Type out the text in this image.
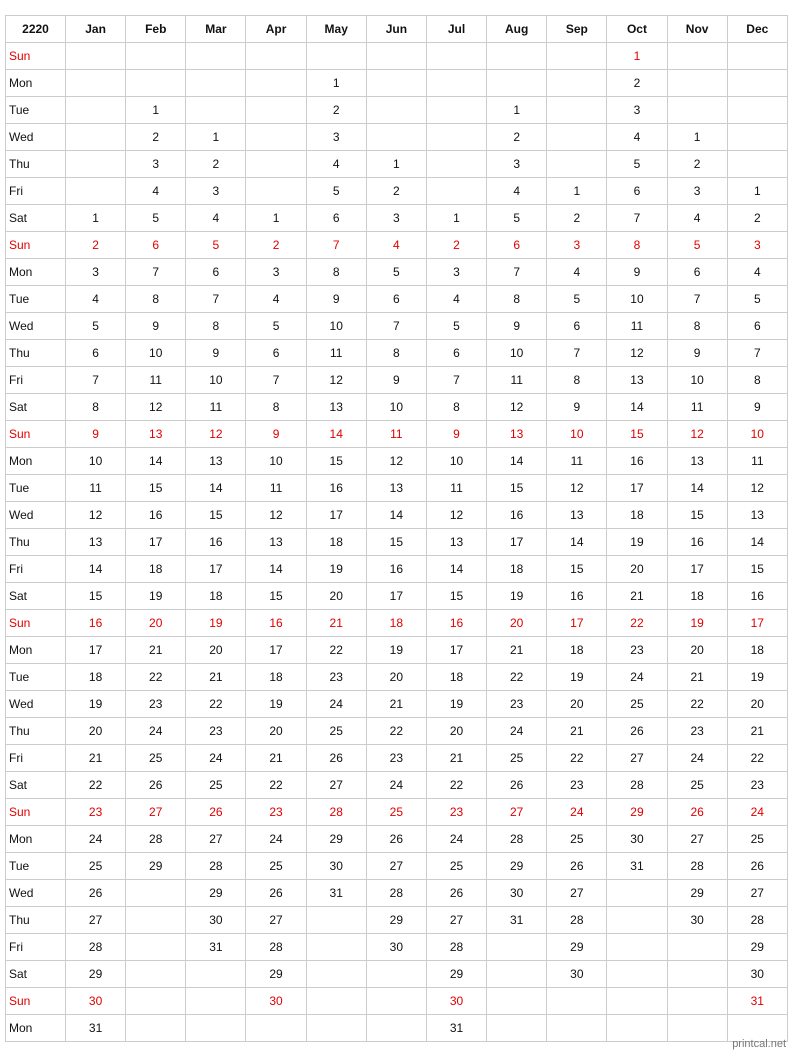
2220	Jan	Feb	Mar	Apr	May	Jun	Jul	Aug	Sep	Oct	Nov	Dec
Sun										1		
Mon					1					2		
Tue		1			2			1		3		
Wed		2	1		3			2		4	1	
Thu		3	2		4	1		3		5	2	
Fri		4	3		5	2		4	1	6	3	1
Sat	1	5	4	1	6	3	1	5	2	7	4	2
Sun	2	6	5	2	7	4	2	6	3	8	5	3
Mon	3	7	6	3	8	5	3	7	4	9	6	4
Tue	4	8	7	4	9	6	4	8	5	10	7	5
Wed	5	9	8	5	10	7	5	9	6	11	8	6
Thu	6	10	9	6	11	8	6	10	7	12	9	7
Fri	7	11	10	7	12	9	7	11	8	13	10	8
Sat	8	12	11	8	13	10	8	12	9	14	11	9
Sun	9	13	12	9	14	11	9	13	10	15	12	10
Mon	10	14	13	10	15	12	10	14	11	16	13	11
Tue	11	15	14	11	16	13	11	15	12	17	14	12
Wed	12	16	15	12	17	14	12	16	13	18	15	13
Thu	13	17	16	13	18	15	13	17	14	19	16	14
Fri	14	18	17	14	19	16	14	18	15	20	17	15
Sat	15	19	18	15	20	17	15	19	16	21	18	16
Sun	16	20	19	16	21	18	16	20	17	22	19	17
Mon	17	21	20	17	22	19	17	21	18	23	20	18
Tue	18	22	21	18	23	20	18	22	19	24	21	19
Wed	19	23	22	19	24	21	19	23	20	25	22	20
Thu	20	24	23	20	25	22	20	24	21	26	23	21
Fri	21	25	24	21	26	23	21	25	22	27	24	22
Sat	22	26	25	22	27	24	22	26	23	28	25	23
Sun	23	27	26	23	28	25	23	27	24	29	26	24
Mon	24	28	27	24	29	26	24	28	25	30	27	25
Tue	25	29	28	25	30	27	25	29	26	31	28	26
Wed	26		29	26	31	28	26	30	27		29	27
Thu	27		30	27		29	27	31	28		30	28
Fri	28		31	28		30	28		29			29
Sat	29			29			29		30			30
Sun	30			30			30					31
Mon	31						31					
printcal.net
